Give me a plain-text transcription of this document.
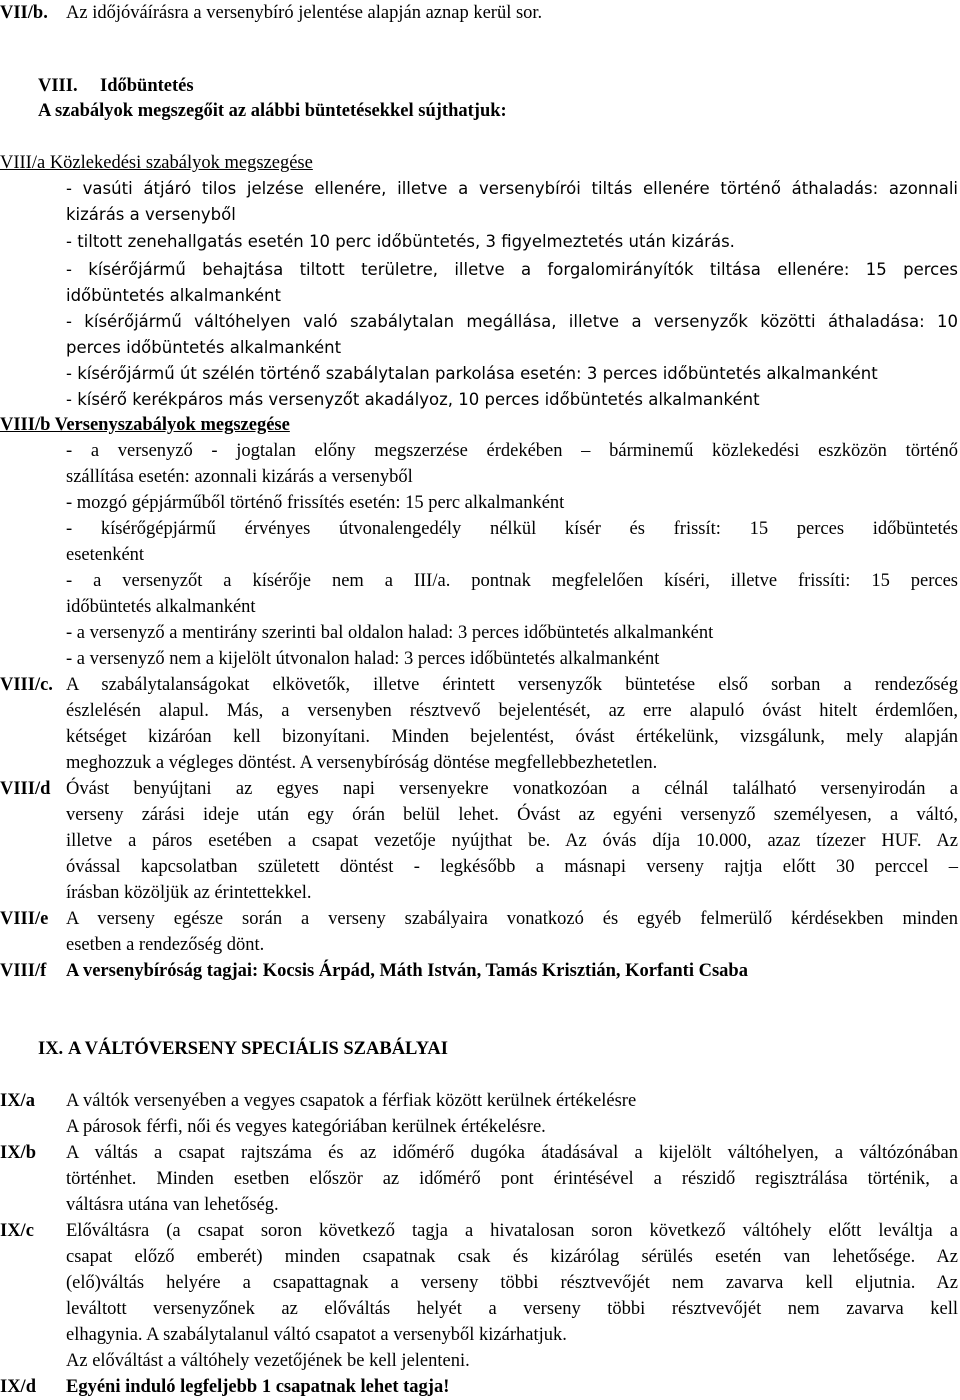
VII/b. Az időjóváírásra a versenybíró jelentése alapján aznap kerül sor.
VIII. Időbüntetés
A szabályok megszegőit az alábbi büntetésekkel sújthatjuk:
VIII/a Közlekedési szabályok megszegése
- vasúti átjáró tilos jelzése ellenére, illetve a versenybírói tiltás ellenére történő áthaladás: azonnali
kizárás a versenyből
- tiltott zenehallgatás esetén 10 perc időbüntetés, 3 figyelmeztetés után kizárás.
- kísérőjármű behajtása tiltott területre, illetve a forgalomirányítók tiltása ellenére: 15 perces
időbüntetés alkalmanként
- kísérőjármű váltóhelyen való szabálytalan megállása, illetve a versenyzők közötti áthaladása: 10
perces időbüntetés alkalmanként
- kísérőjármű út szélén történő szabálytalan parkolása esetén: 3 perces időbüntetés alkalmanként
- kísérő kerékpáros más versenyzőt akadályoz, 10 perces időbüntetés alkalmanként
VIII/b Versenyszabályok megszegése
- a versenyző - jogtalan előny megszerzése érdekében – bárminemű közlekedési eszközön történő
szállítása esetén: azonnali kizárás a versenyből
- mozgó gépjárműből történő frissítés esetén: 15 perc alkalmanként
- kísérőgépjármű érvényes útvonalengedély nélkül kísér és frissít: 15 perces időbüntetés
esetenként
- a versenyzőt a kísérője nem a III/a. pontnak megfelelően kíséri, illetve frissíti: 15 perces
időbüntetés alkalmanként
- a versenyző a mentirány szerinti bal oldalon halad: 3 perces időbüntetés alkalmanként
- a versenyző nem a kijelölt útvonalon halad: 3 perces időbüntetés alkalmanként
VIII/c. A szabálytalanságokat elkövetők, illetve érintett versenyzők büntetése első sorban a rendezőség
észlelésén alapul. Más, a versenyben résztvevő bejelentését, az erre alapuló óvást hitelt érdemlően,
kétséget kizáróan kell bizonyítani. Minden bejelentést, óvást értékelünk, vizsgálunk, mely alapján
meghozzuk a végleges döntést. A versenybíróság döntése megfellebbezhetetlen.
VIII/d Óvást benyújtani az egyes napi versenyekre vonatkozóan a célnál található versenyirodán a
verseny zárási ideje után egy órán belül lehet. Óvást az egyéni versenyző személyesen, a váltó,
illetve a páros esetében a csapat vezetője nyújthat be. Az óvás díja 10.000, azaz tízezer HUF. Az
óvással kapcsolatban született döntést - legkésőbb a másnapi verseny rajtja előtt 30 perccel –
írásban közöljük az érintettekkel.
VIII/e A verseny egésze során a verseny szabályaira vonatkozó és egyéb felmerülő kérdésekben minden
esetben a rendezőség dönt.
VIII/f A versenybíróság tagjai: Kocsis Árpád, Máth István, Tamás Krisztián, Korfanti Csaba
IX. A VÁLTÓVERSENY SPECIÁLIS SZABÁLYAI
IX/a A váltók versenyében a vegyes csapatok a férfiak között kerülnek értékelésre
A párosok férfi, női és vegyes kategóriában kerülnek értékelésre.
IX/b A váltás a csapat rajtszáma és az időmérő dugóka átadásával a kijelölt váltóhelyen, a váltózónában
történhet. Minden esetben először az időmérő pont érintésével a részidő regisztrálása történik, a
váltásra utána van lehetőség.
IX/c Előváltásra (a csapat soron következő tagja a hivatalosan soron következő váltóhely előtt leváltja a
csapat előző emberét) minden csapatnak csak és kizárólag sérülés esetén van lehetősége. Az
(elő)váltás helyére a csapattagnak a verseny többi résztvevőjét nem zavarva kell eljutnia. Az
leváltott versenyzőnek az előváltás helyét a verseny többi résztvevőjét nem zavarva kell
elhagynia. A szabálytalanul váltó csapatot a versenyből kizárhatjuk.
Az előváltást a váltóhely vezetőjének be kell jelenteni.
IX/d Egyéni induló legfeljebb 1 csapatnak lehet tagja!
